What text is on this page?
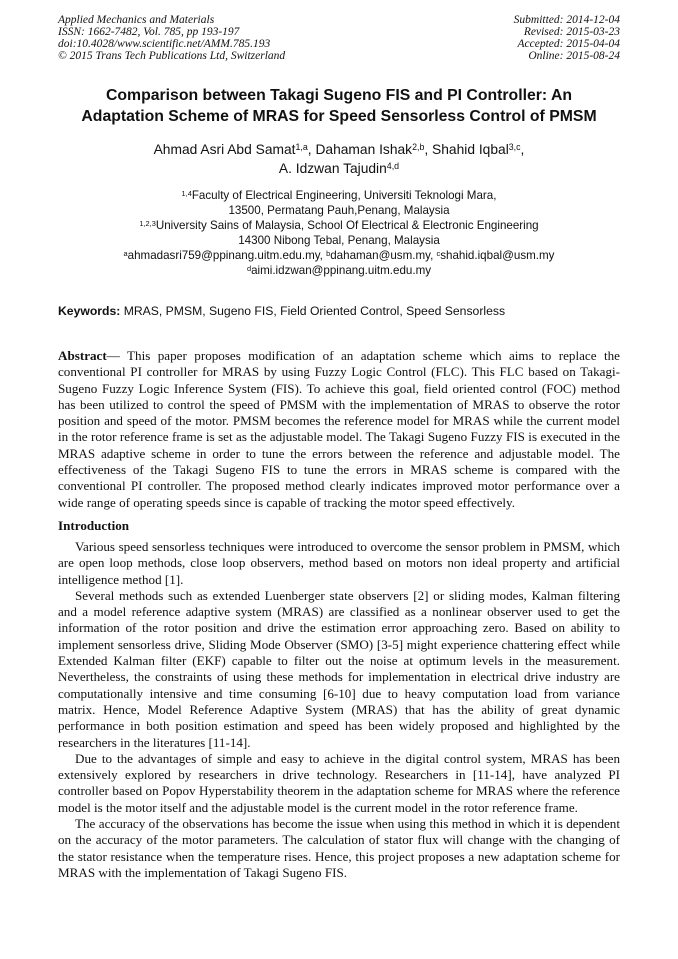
Applied Mechanics and Materials
ISSN: 1662-7482, Vol. 785, pp 193-197
doi:10.4028/www.scientific.net/AMM.785.193
© 2015 Trans Tech Publications Ltd, Switzerland
Submitted: 2014-12-04
Revised: 2015-03-23
Accepted: 2015-04-04
Online: 2015-08-24
Comparison between Takagi Sugeno FIS and PI Controller: An
Adaptation Scheme of MRAS for Speed Sensorless Control of PMSM
Ahmad Asri Abd Samat$^{1,a}$, Dahaman Ishak$^{2,b}$, Shahid Iqbal$^{3,c}$,
A. Idzwan Tajudin$^{4,d}$
$^{1,4}$Faculty of Electrical Engineering, Universiti Teknologi Mara,
13500, Permatang Pauh,Penang, Malaysia
$^{1,2,3}$University Sains of Malaysia, School Of Electrical & Electronic Engineering
14300 Nibong Tebal, Penang, Malaysia
$^a$ahmadasri759@ppinang.uitm.edu.my, $^b$dahaman@usm.my, $^c$shahid.iqbal@usm.my
$^d$aimi.idzwan@ppinang.uitm.edu.my

Keywords: MRAS, PMSM, Sugeno FIS, Field Oriented Control, Speed Sensorless

Abstract— This paper proposes modification of an adaptation scheme which aims to replace the conventional PI controller for MRAS by using Fuzzy Logic Control (FLC). This FLC based on Takagi-Sugeno Fuzzy Logic Inference System (FIS). To achieve this goal, field oriented control (FOC) method has been utilized to control the speed of PMSM with the implementation of MRAS to observe the rotor position and speed of the motor. PMSM becomes the reference model for MRAS while the current model in the rotor reference frame is set as the adjustable model. The Takagi Sugeno Fuzzy FIS is executed in the MRAS adaptive scheme in order to tune the errors between the reference and adjustable model. The effectiveness of the Takagi Sugeno FIS to tune the errors in MRAS scheme is compared with the conventional PI controller. The proposed method clearly indicates improved motor performance over a wide range of operating speeds since is capable of tracking the motor speed effectively.

Introduction

Various speed sensorless techniques were introduced to overcome the sensor problem in PMSM, which are open loop methods, close loop observers, method based on motors non ideal property and artificial intelligence method [1].

Several methods such as extended Luenberger state observers [2] or sliding modes, Kalman filtering and a model reference adaptive system (MRAS) are classified as a nonlinear observer used to get the information of the rotor position and drive the estimation error approaching zero. Based on ability to implement sensorless drive, Sliding Mode Observer (SMO) [3-5] might experience chattering effect while Extended Kalman filter (EKF) capable to filter out the noise at optimum levels in the measurement. Nevertheless, the constraints of using these methods for implementation in electrical drive industry are computationally intensive and time consuming [6-10] due to heavy computation load from variance matrix. Hence, Model Reference Adaptive System (MRAS) that has the ability of great dynamic performance in both position estimation and speed has been widely proposed and highlighted by the researchers in the literatures [11-14].

Due to the advantages of simple and easy to achieve in the digital control system, MRAS has been extensively explored by researchers in drive technology. Researchers in [11-14], have analyzed PI controller based on Popov Hyperstability theorem in the adaptation scheme for MRAS where the reference model is the motor itself and the adjustable model is the current model in the rotor reference frame.

The accuracy of the observations has become the issue when using this method in which it is dependent on the accuracy of the motor parameters. The calculation of stator flux will change with the changing of the stator resistance when the temperature rises. Hence, this project proposes a new adaptation scheme for MRAS with the implementation of Takagi Sugeno FIS.
